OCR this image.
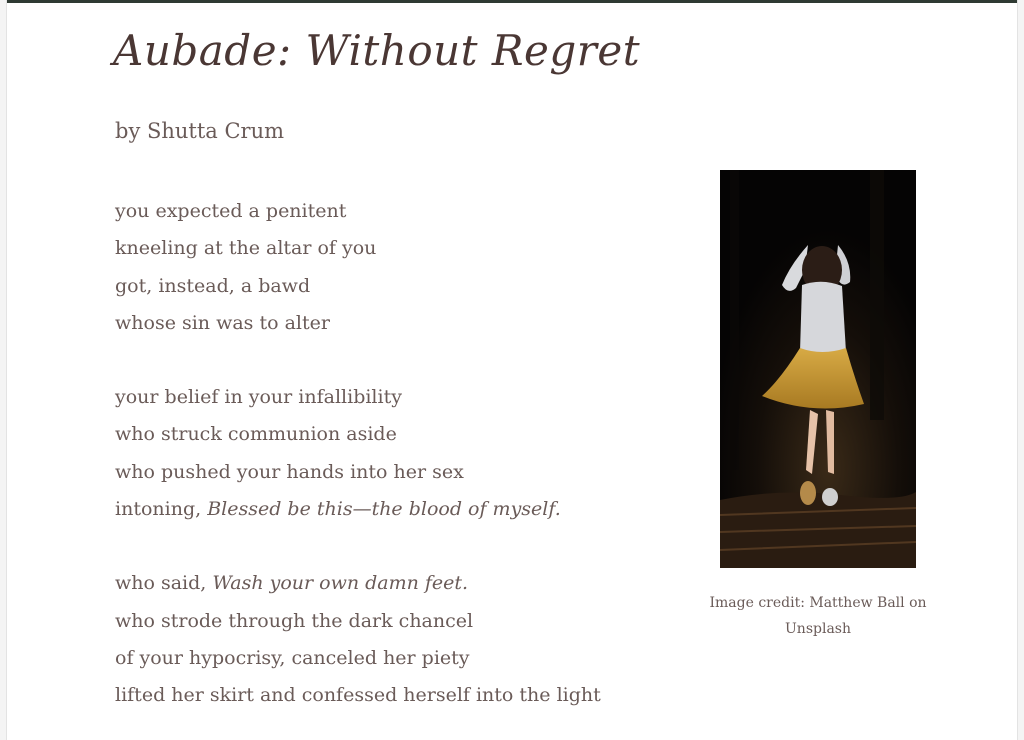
Aubade: Without Regret
by Shutta Crum
you expected a penitent
kneeling at the altar of you
got, instead, a bawd
whose sin was to alter
your belief in your infallibility
who struck communion aside
who pushed your hands into her sex
intoning, Blessed be this—the blood of myself.
who said, Wash your own damn feet.
who strode through the dark chancel
of your hypocrisy, canceled her piety
lifted her skirt and confessed herself into the light
Image credit: Matthew Ball on Unsplash
